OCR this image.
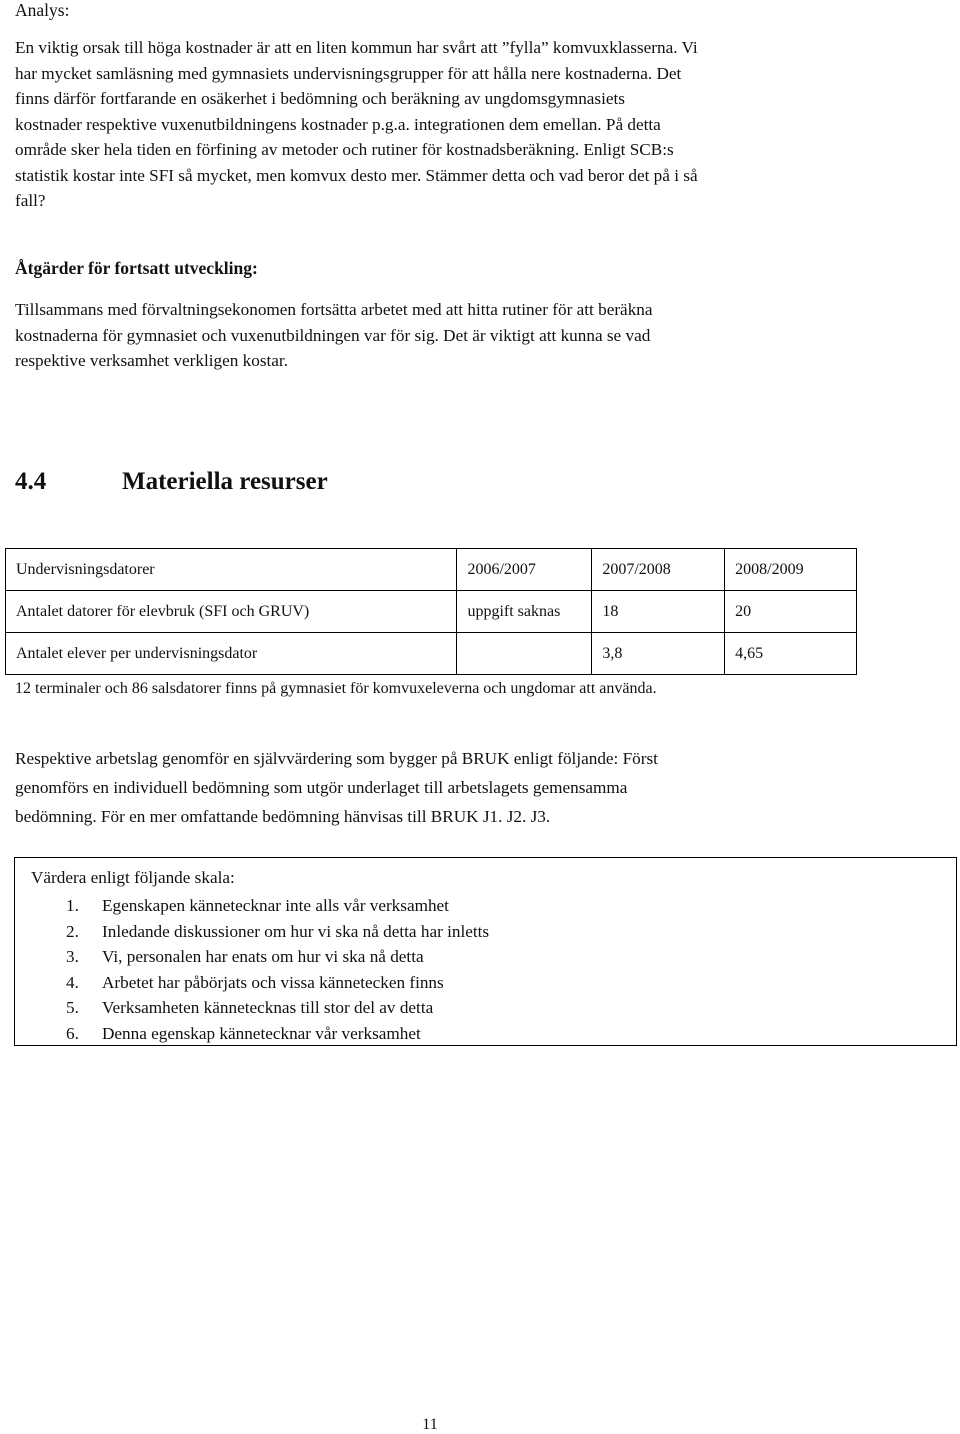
Analys:
En viktig orsak till höga kostnader är att en liten kommun har svårt att ”fylla” komvuxklasserna. Vi
har mycket samläsning med gymnasiets undervisningsgrupper för att hålla nere kostnaderna. Det
finns därför fortfarande en osäkerhet i bedömning och beräkning av ungdomsgymnasiets
kostnader respektive vuxenutbildningens kostnader p.g.a. integrationen dem emellan. På detta
område sker hela tiden en förfining av metoder och rutiner för kostnadsberäkning. Enligt SCB:s
statistik kostar inte SFI så mycket, men komvux desto mer. Stämmer detta och vad beror det på i så
fall?
Åtgärder för fortsatt utveckling:
Tillsammans med förvaltningsekonomen fortsätta arbetet med att hitta rutiner för att beräkna
kostnaderna för gymnasiet och vuxenutbildningen var för sig. Det är viktigt att kunna se vad
respektive verksamhet verkligen kostar.
4.4	Materiella resurser
Undervisningsdatorer	2006/2007	2007/2008	2008/2009
Antalet datorer för elevbruk (SFI och GRUV)	uppgift saknas	18	20
Antalet elever per undervisningsdator		3,8	4,65
12 terminaler och 86 salsdatorer finns på gymnasiet för komvuxeleverna och ungdomar att använda.
Respektive arbetslag genomför en självvärdering som bygger på BRUK enligt följande: Först
genomförs en individuell bedömning som utgör underlaget till arbetslagets gemensamma
bedömning. För en mer omfattande bedömning hänvisas till BRUK J1. J2. J3.
Värdera enligt följande skala:
1.	Egenskapen kännetecknar inte alls vår verksamhet
2.	Inledande diskussioner om hur vi ska nå detta har inletts
3.	Vi, personalen har enats om hur vi ska nå detta
4.	Arbetet har påbörjats och vissa kännetecken finns
5.	Verksamheten kännetecknas till stor del av detta
6.	Denna egenskap kännetecknar vår verksamhet
11
